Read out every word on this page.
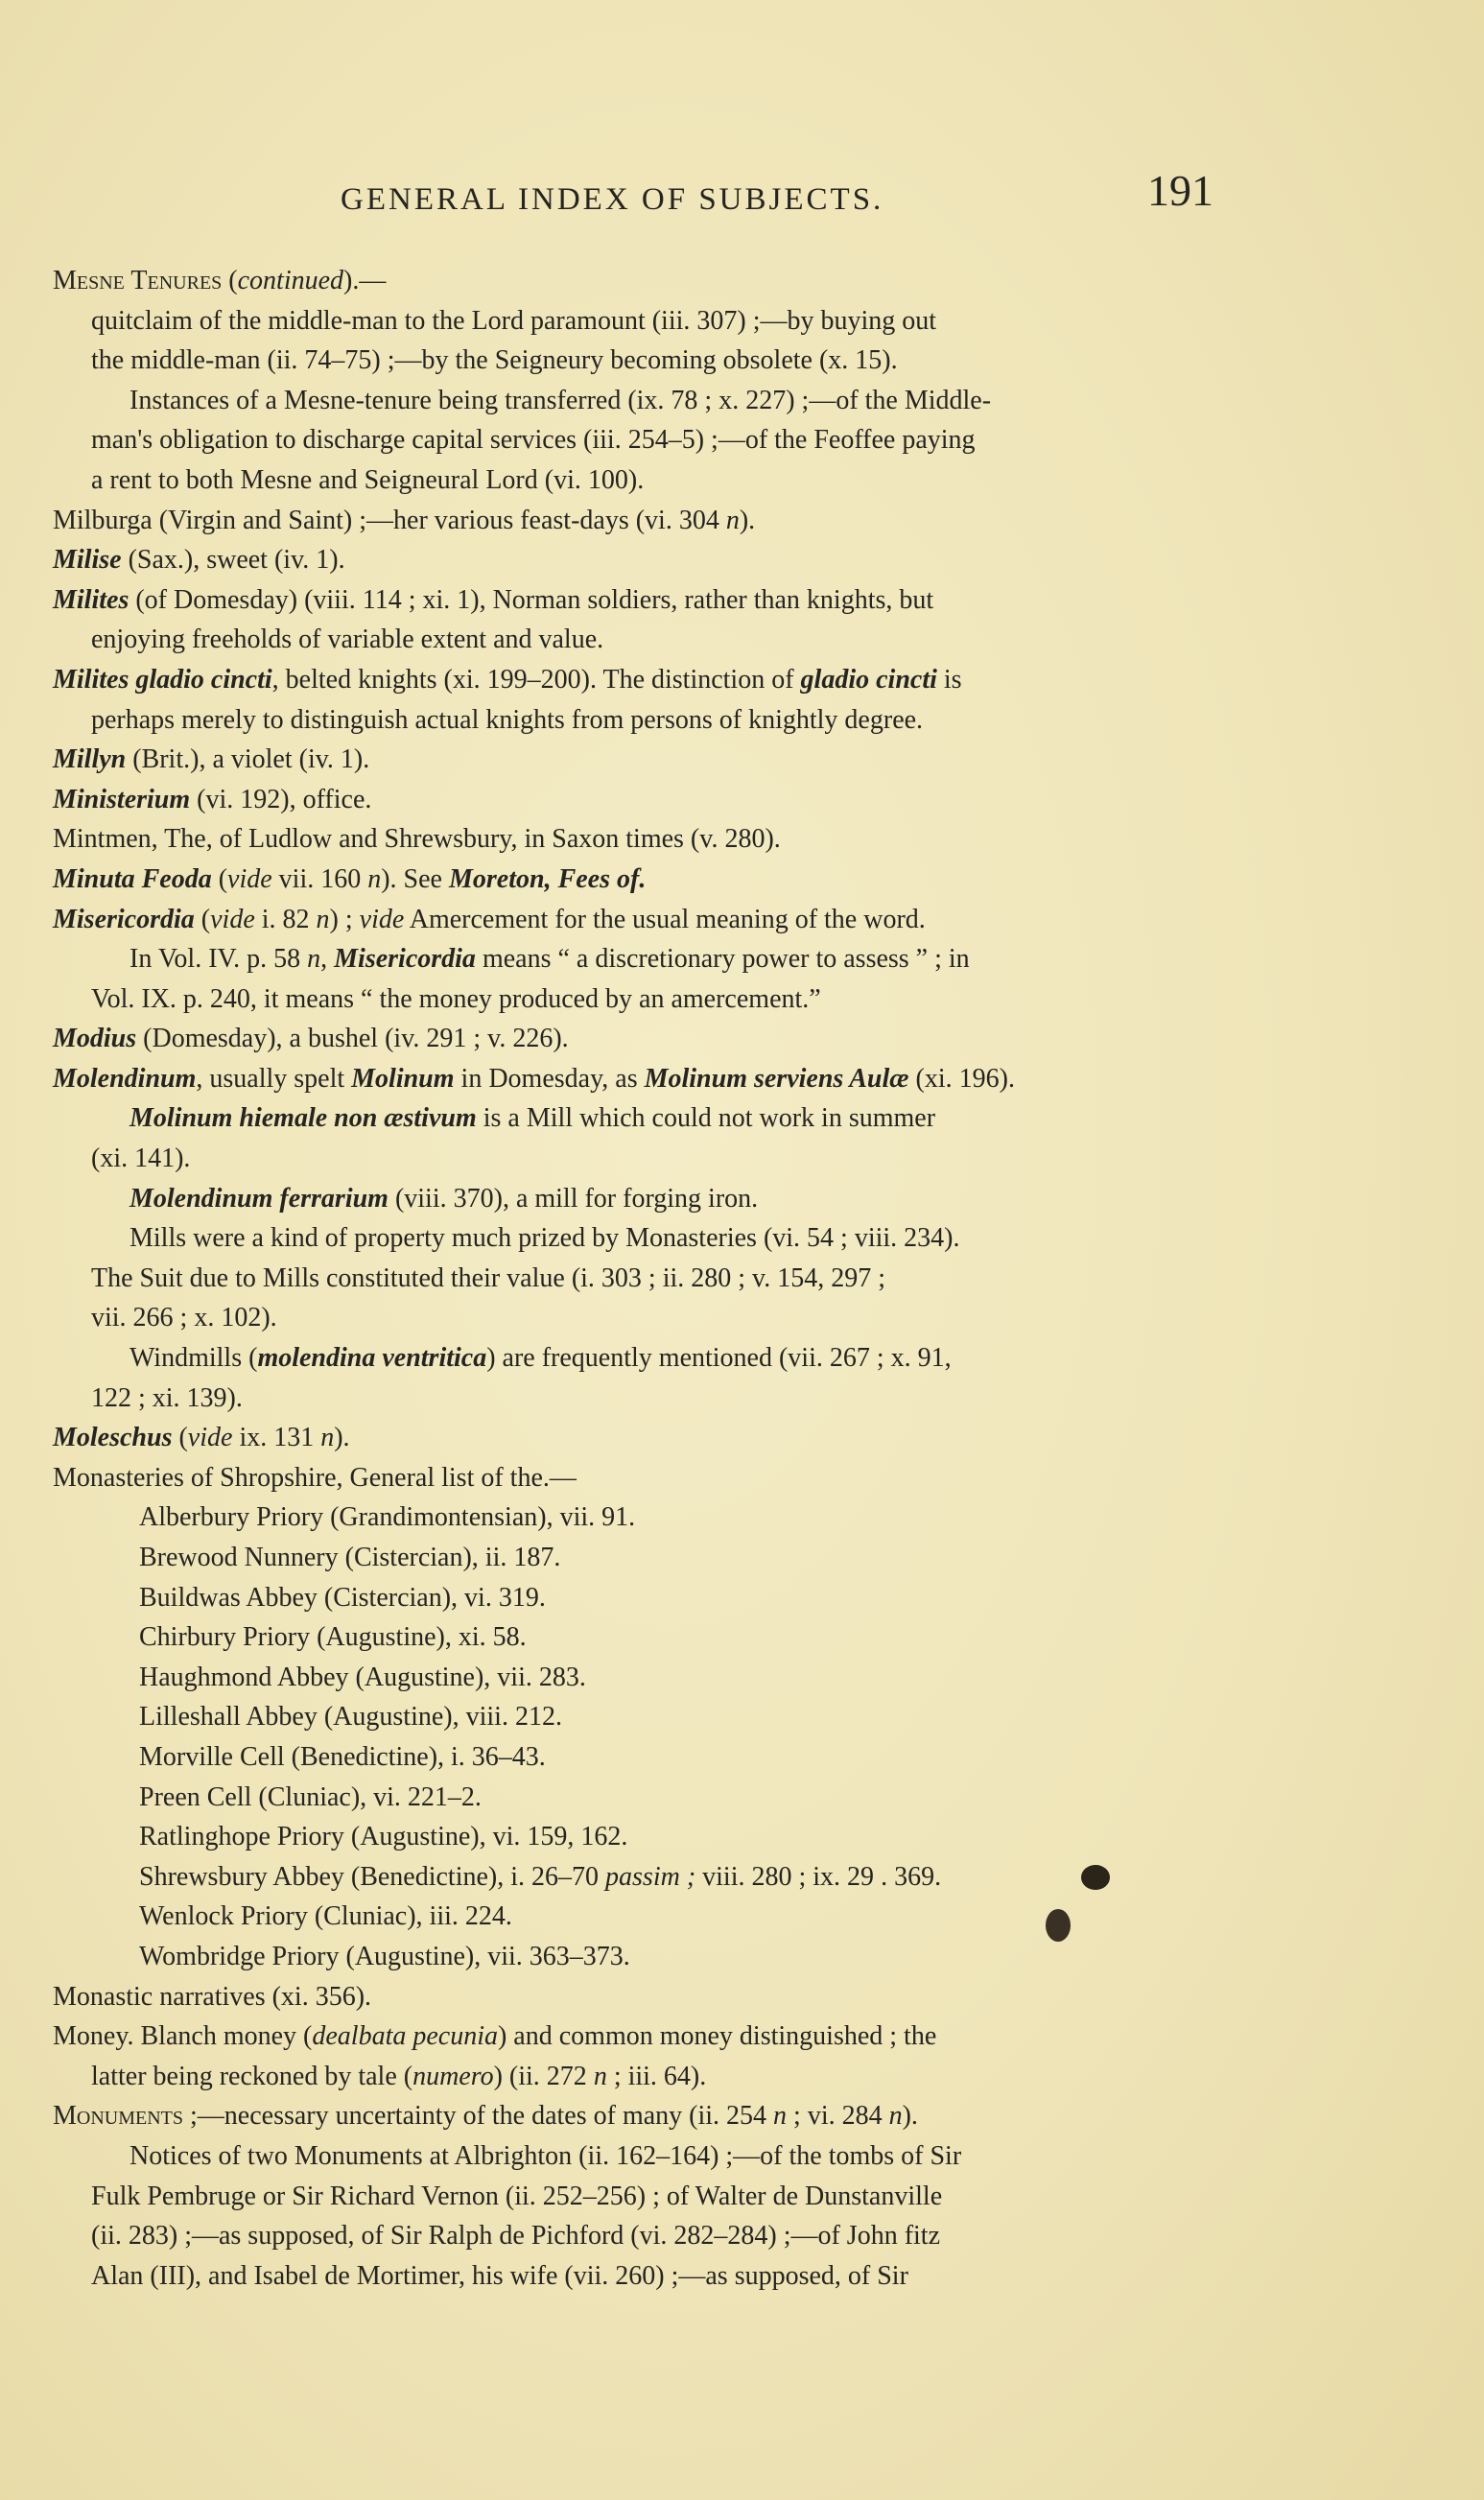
GENERAL INDEX OF SUBJECTS.	191
Mesne Tenures (continued).—
quitclaim of the middle-man to the Lord paramount (iii. 307) ;—by buying out
the middle-man (ii. 74–75) ;—by the Seigneury becoming obsolete (x. 15).
Instances of a Mesne-tenure being transferred (ix. 78 ; x. 227) ;—of the Middle-
man's obligation to discharge capital services (iii. 254–5) ;—of the Feoffee paying
a rent to both Mesne and Seigneural Lord (vi. 100).
Milburga (Virgin and Saint) ;—her various feast-days (vi. 304 n).
Milise (Sax.), sweet (iv. 1).
Milites (of Domesday) (viii. 114 ; xi. 1), Norman soldiers, rather than knights, but
enjoying freeholds of variable extent and value.
Milites gladio cincti, belted knights (xi. 199–200). The distinction of gladio cincti is
perhaps merely to distinguish actual knights from persons of knightly degree.
Millyn (Brit.), a violet (iv. 1).
Ministerium (vi. 192), office.
Mintmen, The, of Ludlow and Shrewsbury, in Saxon times (v. 280).
Minuta Feoda (vide vii. 160 n). See Moreton, Fees of.
Misericordia (vide i. 82 n) ; vide Amercement for the usual meaning of the word.
In Vol. IV. p. 58 n, Misericordia means “ a discretionary power to assess ” ; in
Vol. IX. p. 240, it means “ the money produced by an amercement.”
Modius (Domesday), a bushel (iv. 291 ; v. 226).
Molendinum, usually spelt Molinum in Domesday, as Molinum serviens Aulæ (xi. 196).
Molinum hiemale non æstivum is a Mill which could not work in summer
(xi. 141).
Molendinum ferrarium (viii. 370), a mill for forging iron.
Mills were a kind of property much prized by Monasteries (vi. 54 ; viii. 234).
The Suit due to Mills constituted their value (i. 303 ; ii. 280 ; v. 154, 297 ;
vii. 266 ; x. 102).
Windmills (molendina ventritica) are frequently mentioned (vii. 267 ; x. 91,
122 ; xi. 139).
Moleschus (vide ix. 131 n).
Monasteries of Shropshire, General list of the.—
Alberbury Priory (Grandimontensian), vii. 91.
Brewood Nunnery (Cistercian), ii. 187.
Buildwas Abbey (Cistercian), vi. 319.
Chirbury Priory (Augustine), xi. 58.
Haughmond Abbey (Augustine), vii. 283.
Lilleshall Abbey (Augustine), viii. 212.
Morville Cell (Benedictine), i. 36–43.
Preen Cell (Cluniac), vi. 221–2.
Ratlinghope Priory (Augustine), vi. 159, 162.
Shrewsbury Abbey (Benedictine), i. 26–70 passim ; viii. 280 ; ix. 29 . 369.
Wenlock Priory (Cluniac), iii. 224.
Wombridge Priory (Augustine), vii. 363–373.
Monastic narratives (xi. 356).
Money. Blanch money (dealbata pecunia) and common money distinguished ; the
latter being reckoned by tale (numero) (ii. 272 n ; iii. 64).
Monuments ;—necessary uncertainty of the dates of many (ii. 254 n ; vi. 284 n).
Notices of two Monuments at Albrighton (ii. 162–164) ;—of the tombs of Sir
Fulk Pembruge or Sir Richard Vernon (ii. 252–256) ; of Walter de Dunstanville
(ii. 283) ;—as supposed, of Sir Ralph de Pichford (vi. 282–284) ;—of John fitz
Alan (III), and Isabel de Mortimer, his wife (vii. 260) ;—as supposed, of Sir
